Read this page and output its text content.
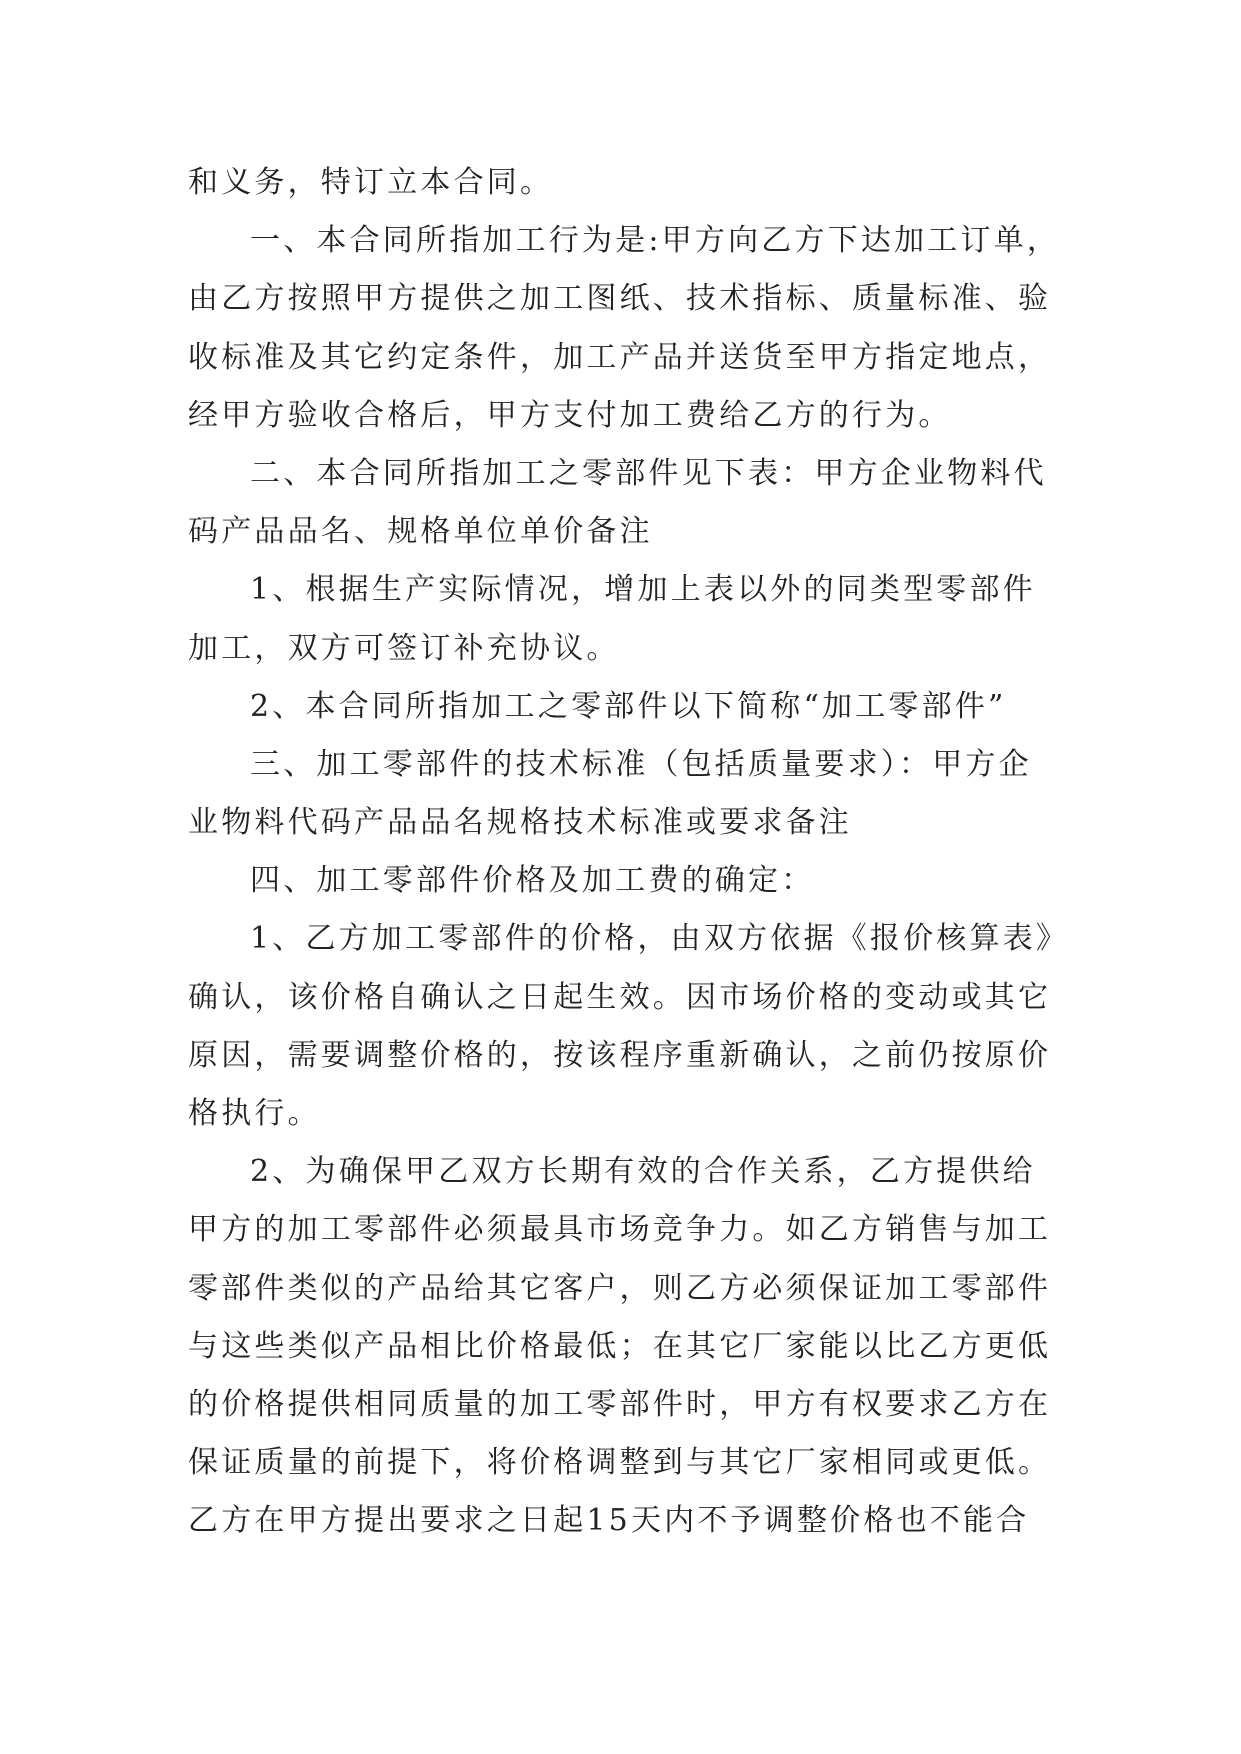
和义务，特订立本合同。
一、本合同所指加工行为是:甲方向乙方下达加工订单，
由乙方按照甲方提供之加工图纸、技术指标、质量标准、验
收标准及其它约定条件，加工产品并送货至甲方指定地点，
经甲方验收合格后，甲方支付加工费给乙方的行为。
二、本合同所指加工之零部件见下表：甲方企业物料代
码产品品名、规格单位单价备注
1、根据生产实际情况，增加上表以外的同类型零部件
加工，双方可签订补充协议。
2、本合同所指加工之零部件以下简称“加工零部件”
三、加工零部件的技术标准（包括质量要求）：甲方企
业物料代码产品品名规格技术标准或要求备注
四、加工零部件价格及加工费的确定：
1、乙方加工零部件的价格，由双方依据《报价核算表》
确认，该价格自确认之日起生效。因市场价格的变动或其它
原因，需要调整价格的，按该程序重新确认，之前仍按原价
格执行。
2、为确保甲乙双方长期有效的合作关系，乙方提供给
甲方的加工零部件必须最具市场竞争力。如乙方销售与加工
零部件类似的产品给其它客户，则乙方必须保证加工零部件
与这些类似产品相比价格最低；在其它厂家能以比乙方更低
的价格提供相同质量的加工零部件时，甲方有权要求乙方在
保证质量的前提下，将价格调整到与其它厂家相同或更低。
乙方在甲方提出要求之日起15天内不予调整价格也不能合
